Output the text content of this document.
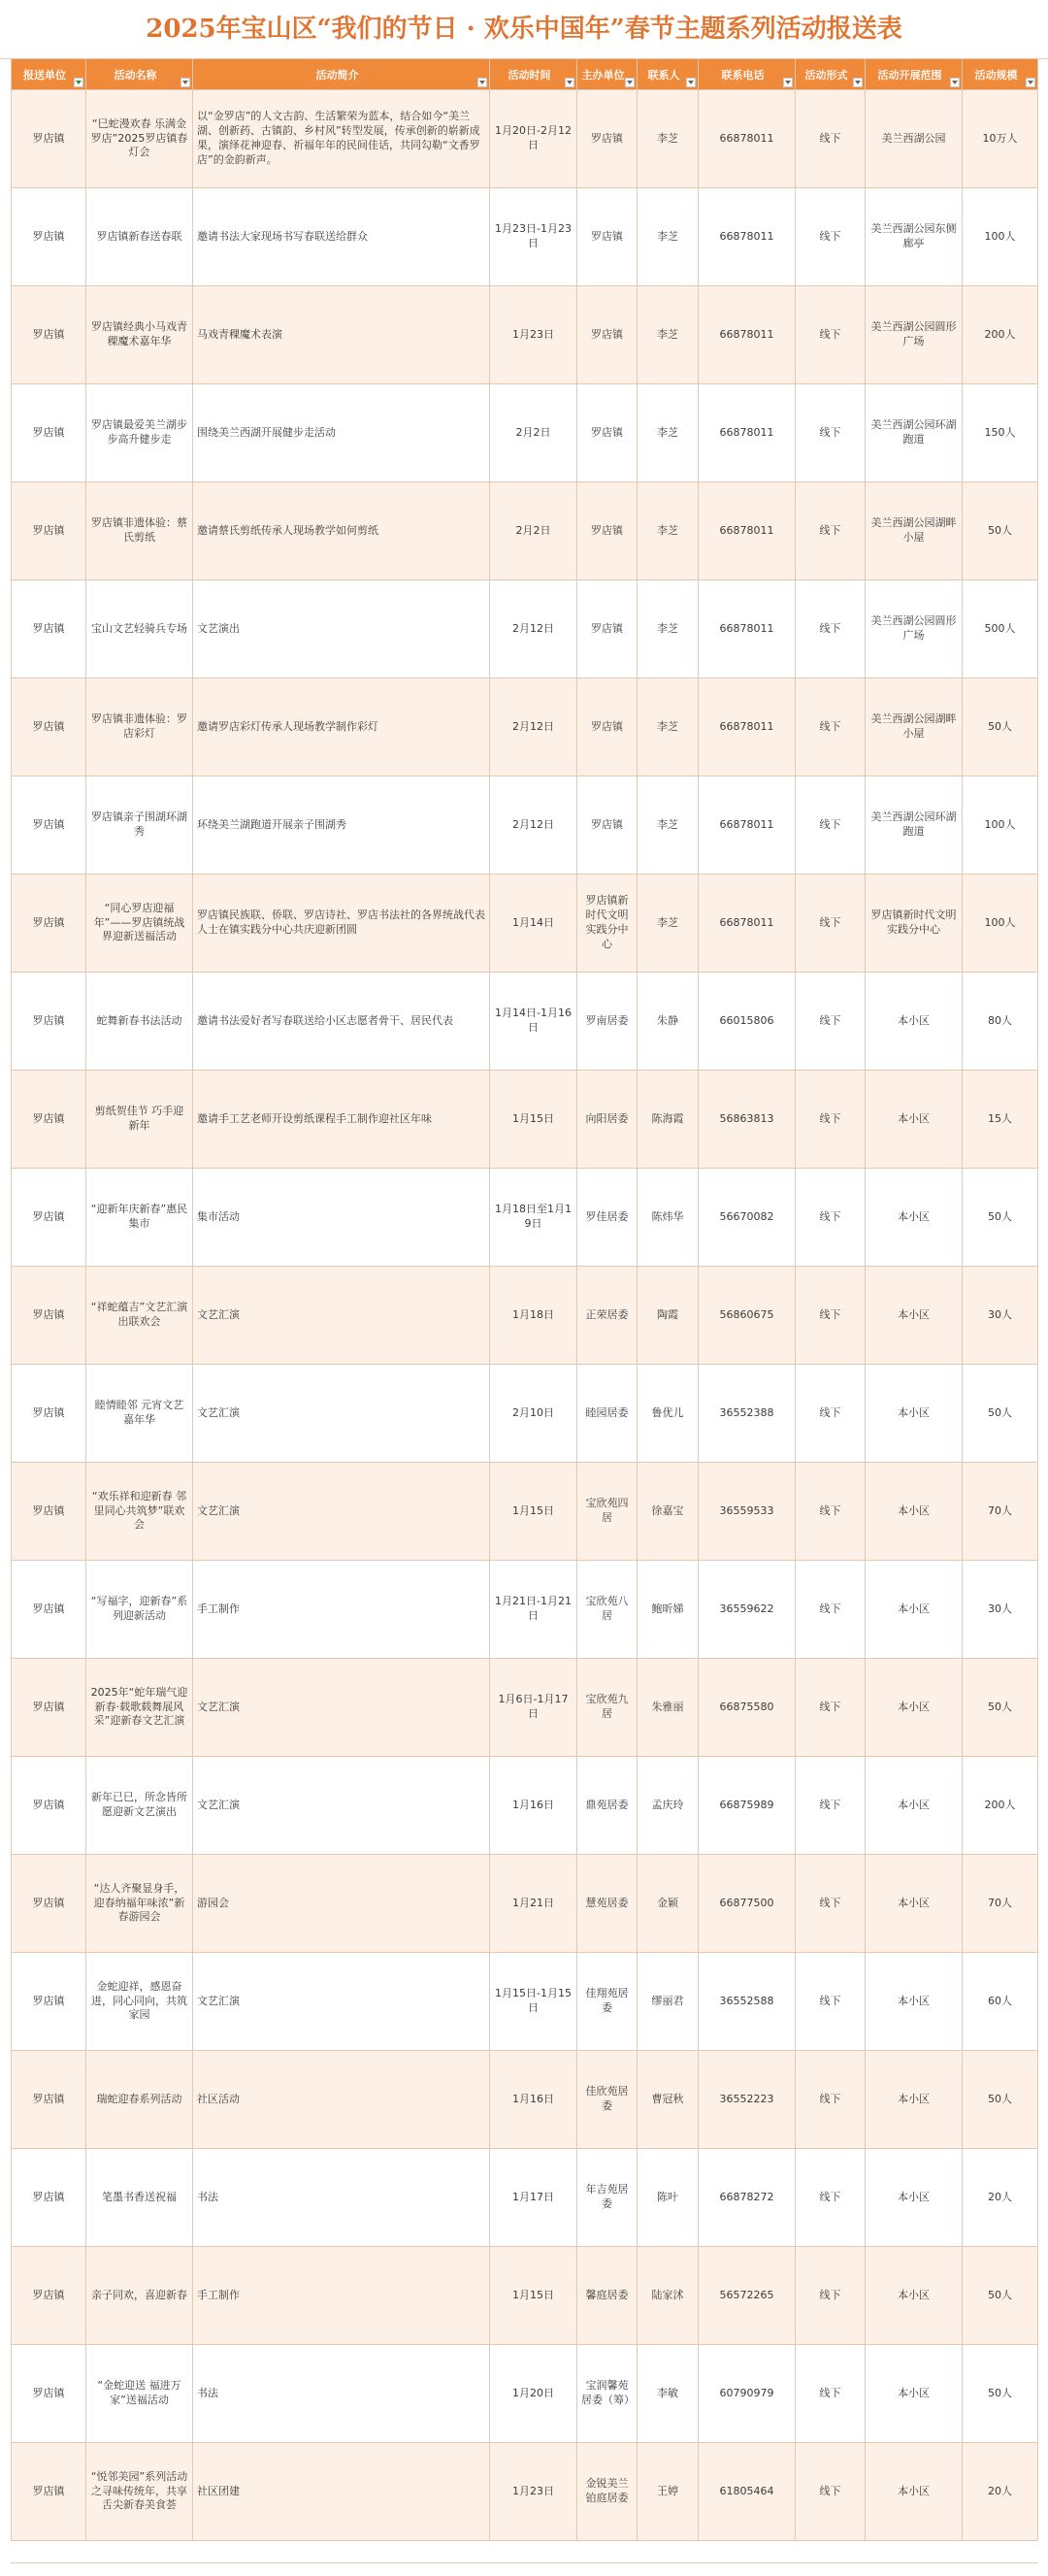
2025年宝山区“我们的节日 · 欢乐中国年”春节主题系列活动报送表
报送单位	活动名称	活动简介	活动时间	主办单位	联系人	联系电话	活动形式	活动开展范围	活动规模

罗店镇	“巳蛇漫欢春 乐满金罗店”2025罗店镇春灯会	以“金罗店”的人文古韵、生活繁荣为蓝本，结合如今“美兰湖、创新药、古镇韵、乡村风”转型发展，传承创新的崭新成果，演绎花神迎春、祈福年年的民间佳话，共同勾勒“文香罗店”的金韵新声。	1月20日-2月12日	罗店镇	李芝	66878011	线下	美兰西湖公园	10万人
罗店镇	罗店镇新春送春联	邀请书法大家现场书写春联送给群众	1月23日-1月23日	罗店镇	李芝	66878011	线下	美兰西湖公园东侧廊亭	100人
罗店镇	罗店镇经典小马戏青稞魔术嘉年华	马戏青稞魔术表演	1月23日	罗店镇	李芝	66878011	线下	美兰西湖公园圆形广场	200人
罗店镇	罗店镇最爱美兰湖步步高升健步走	围绕美兰西湖开展健步走活动	2月2日	罗店镇	李芝	66878011	线下	美兰西湖公园环湖跑道	150人
罗店镇	罗店镇非遗体验：蔡氏剪纸	邀请蔡氏剪纸传承人现场教学如何剪纸	2月2日	罗店镇	李芝	66878011	线下	美兰西湖公园湖畔小屋	50人
罗店镇	宝山文艺轻骑兵专场	文艺演出	2月12日	罗店镇	李芝	66878011	线下	美兰西湖公园圆形广场	500人
罗店镇	罗店镇非遗体验：罗店彩灯	邀请罗店彩灯传承人现场教学制作彩灯	2月12日	罗店镇	李芝	66878011	线下	美兰西湖公园湖畔小屋	50人
罗店镇	罗店镇亲子围湖环湖秀	环绕美兰湖跑道开展亲子围湖秀	2月12日	罗店镇	李芝	66878011	线下	美兰西湖公园环湖跑道	100人
罗店镇	“同心罗店迎福年”——罗店镇统战界迎新送福活动	罗店镇民族联、侨联、罗店诗社、罗店书法社的各界统战代表人士在镇实践分中心共庆迎新团圆	1月14日	罗店镇新时代文明实践分中心	李芝	66878011	线下	罗店镇新时代文明实践分中心	100人
罗店镇	蛇舞新春书法活动	邀请书法爱好者写春联送给小区志愿者骨干、居民代表	1月14日-1月16日	罗南居委	朱静	66015806	线下	本小区	80人
罗店镇	剪纸贺佳节 巧手迎新年	邀请手工艺老师开设剪纸课程手工制作迎社区年味	1月15日	向阳居委	陈海霞	56863813	线下	本小区	15人
罗店镇	“迎新年庆新春”惠民集市	集市活动	1月18日至1月19日	罗佳居委	陈炜华	56670082	线下	本小区	50人
罗店镇	“祥蛇蕴吉”文艺汇演出联欢会	文艺汇演	1月18日	正荣居委	陶霞	56860675	线下	本小区	30人
罗店镇	睦情睦邻 元宵文艺嘉年华	文艺汇演	2月10日	睦园居委	鲁优儿	36552388	线下	本小区	50人
罗店镇	“欢乐祥和迎新春 邻里同心共筑梦”联欢会	文艺汇演	1月15日	宝欣苑四居	徐嘉宝	36559533	线下	本小区	70人
罗店镇	“写福字，迎新春”系列迎新活动	手工制作	1月21日-1月21日	宝欣苑八居	鲍昕娣	36559622	线下	本小区	30人
罗店镇	2025年“蛇年瑞气迎新春·载歌载舞展风采”迎新春文艺汇演	文艺汇演	1月6日-1月17日	宝欣苑九居	朱雅丽	66875580	线下	本小区	50人
罗店镇	新年已巳，所念皆所愿迎新文艺演出	文艺汇演	1月16日	鼎苑居委	孟庆玲	66875989	线下	本小区	200人
罗店镇	“达人齐聚显身手，迎春纳福年味浓”新春游园会	游园会	1月21日	慧苑居委	金颖	66877500	线下	本小区	70人
罗店镇	金蛇迎祥，感恩奋进，同心同向，共筑家园	文艺汇演	1月15日-1月15日	佳翔苑居委	缪丽君	36552588	线下	本小区	60人
罗店镇	瑞蛇迎春系列活动	社区活动	1月16日	佳欣苑居委	曹冠秋	36552223	线下	本小区	50人
罗店镇	笔墨书香送祝福	书法	1月17日	年吉苑居委	陈叶	66878272	线下	本小区	20人
罗店镇	亲子同欢，喜迎新春	手工制作	1月15日	馨庭居委	陆家沭	56572265	线下	本小区	50人
罗店镇	“金蛇迎送 福进万家”送福活动	书法	1月20日	宝润馨苑居委（筹）	李敏	60790979	线下	本小区	50人
罗店镇	“悦邻美园”系列活动之寻味传统年，共享舌尖新春美食荟	社区团建	1月23日	金锐美兰铂庭居委	王婷	61805464	线下	本小区	20人
